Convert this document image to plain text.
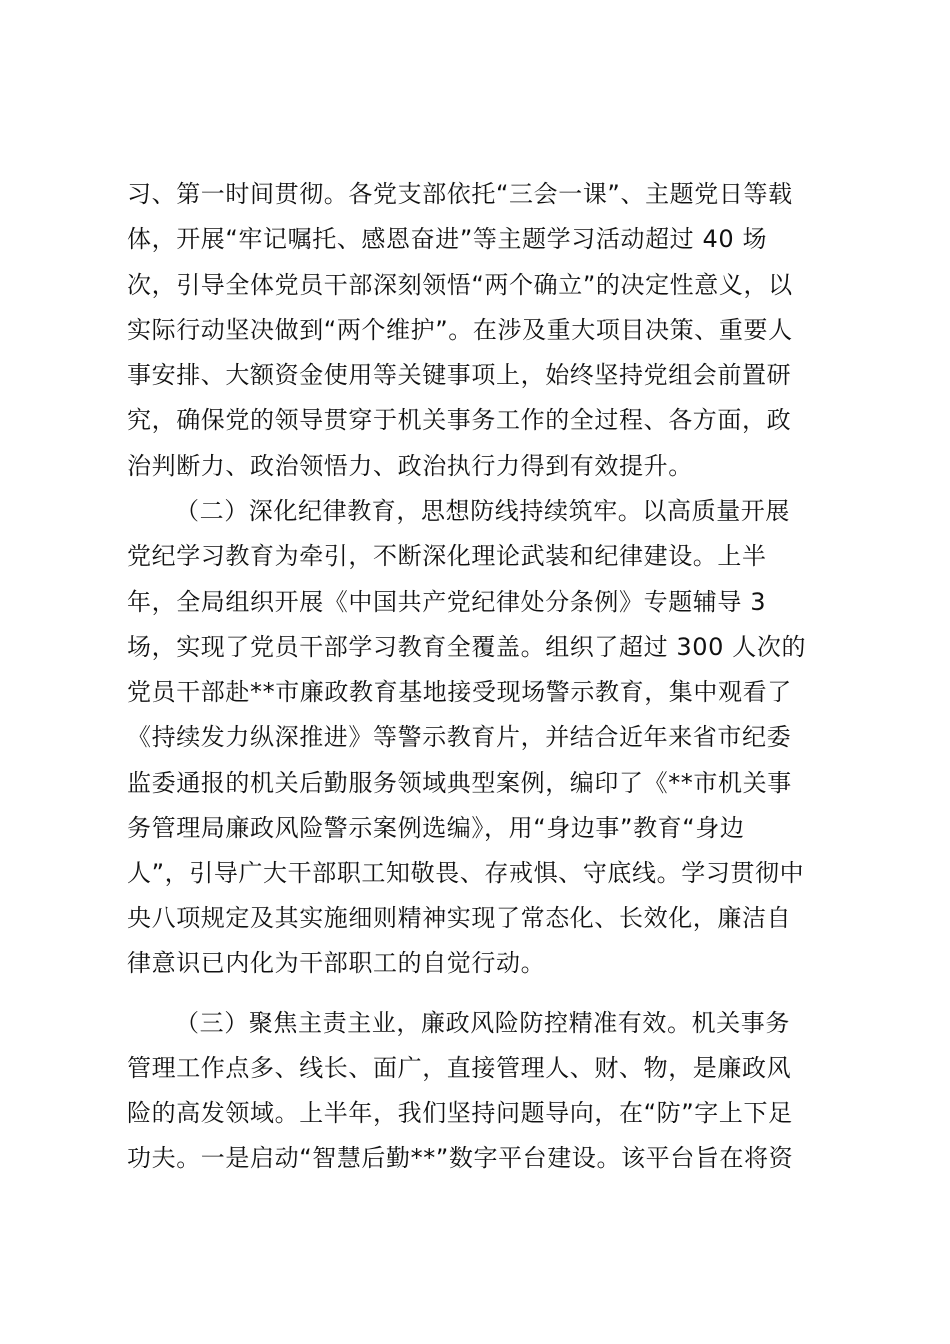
习、第一时间贯彻。各党支部依托“三会一课”、主题党日等载
体，开展“牢记嘱托、感恩奋进”等主题学习活动超过 40 场
次，引导全体党员干部深刻领悟“两个确立”的决定性意义，以
实际行动坚决做到“两个维护”。在涉及重大项目决策、重要人
事安排、大额资金使用等关键事项上，始终坚持党组会前置研
究，确保党的领导贯穿于机关事务工作的全过程、各方面，政
治判断力、政治领悟力、政治执行力得到有效提升。
（二）深化纪律教育，思想防线持续筑牢。以高质量开展
党纪学习教育为牵引，不断深化理论武装和纪律建设。上半
年，全局组织开展《中国共产党纪律处分条例》专题辅导 3
场，实现了党员干部学习教育全覆盖。组织了超过 300 人次的
党员干部赴**市廉政教育基地接受现场警示教育，集中观看了
《持续发力纵深推进》等警示教育片，并结合近年来省市纪委
监委通报的机关后勤服务领域典型案例，编印了《**市机关事
务管理局廉政风险警示案例选编》，用“身边事”教育“身边
人”，引导广大干部职工知敬畏、存戒惧、守底线。学习贯彻中
央八项规定及其实施细则精神实现了常态化、长效化，廉洁自
律意识已内化为干部职工的自觉行动。
（三）聚焦主责主业，廉政风险防控精准有效。机关事务
管理工作点多、线长、面广，直接管理人、财、物，是廉政风
险的高发领域。上半年，我们坚持问题导向，在“防”字上下足
功夫。一是启动“智慧后勤**”数字平台建设。该平台旨在将资
